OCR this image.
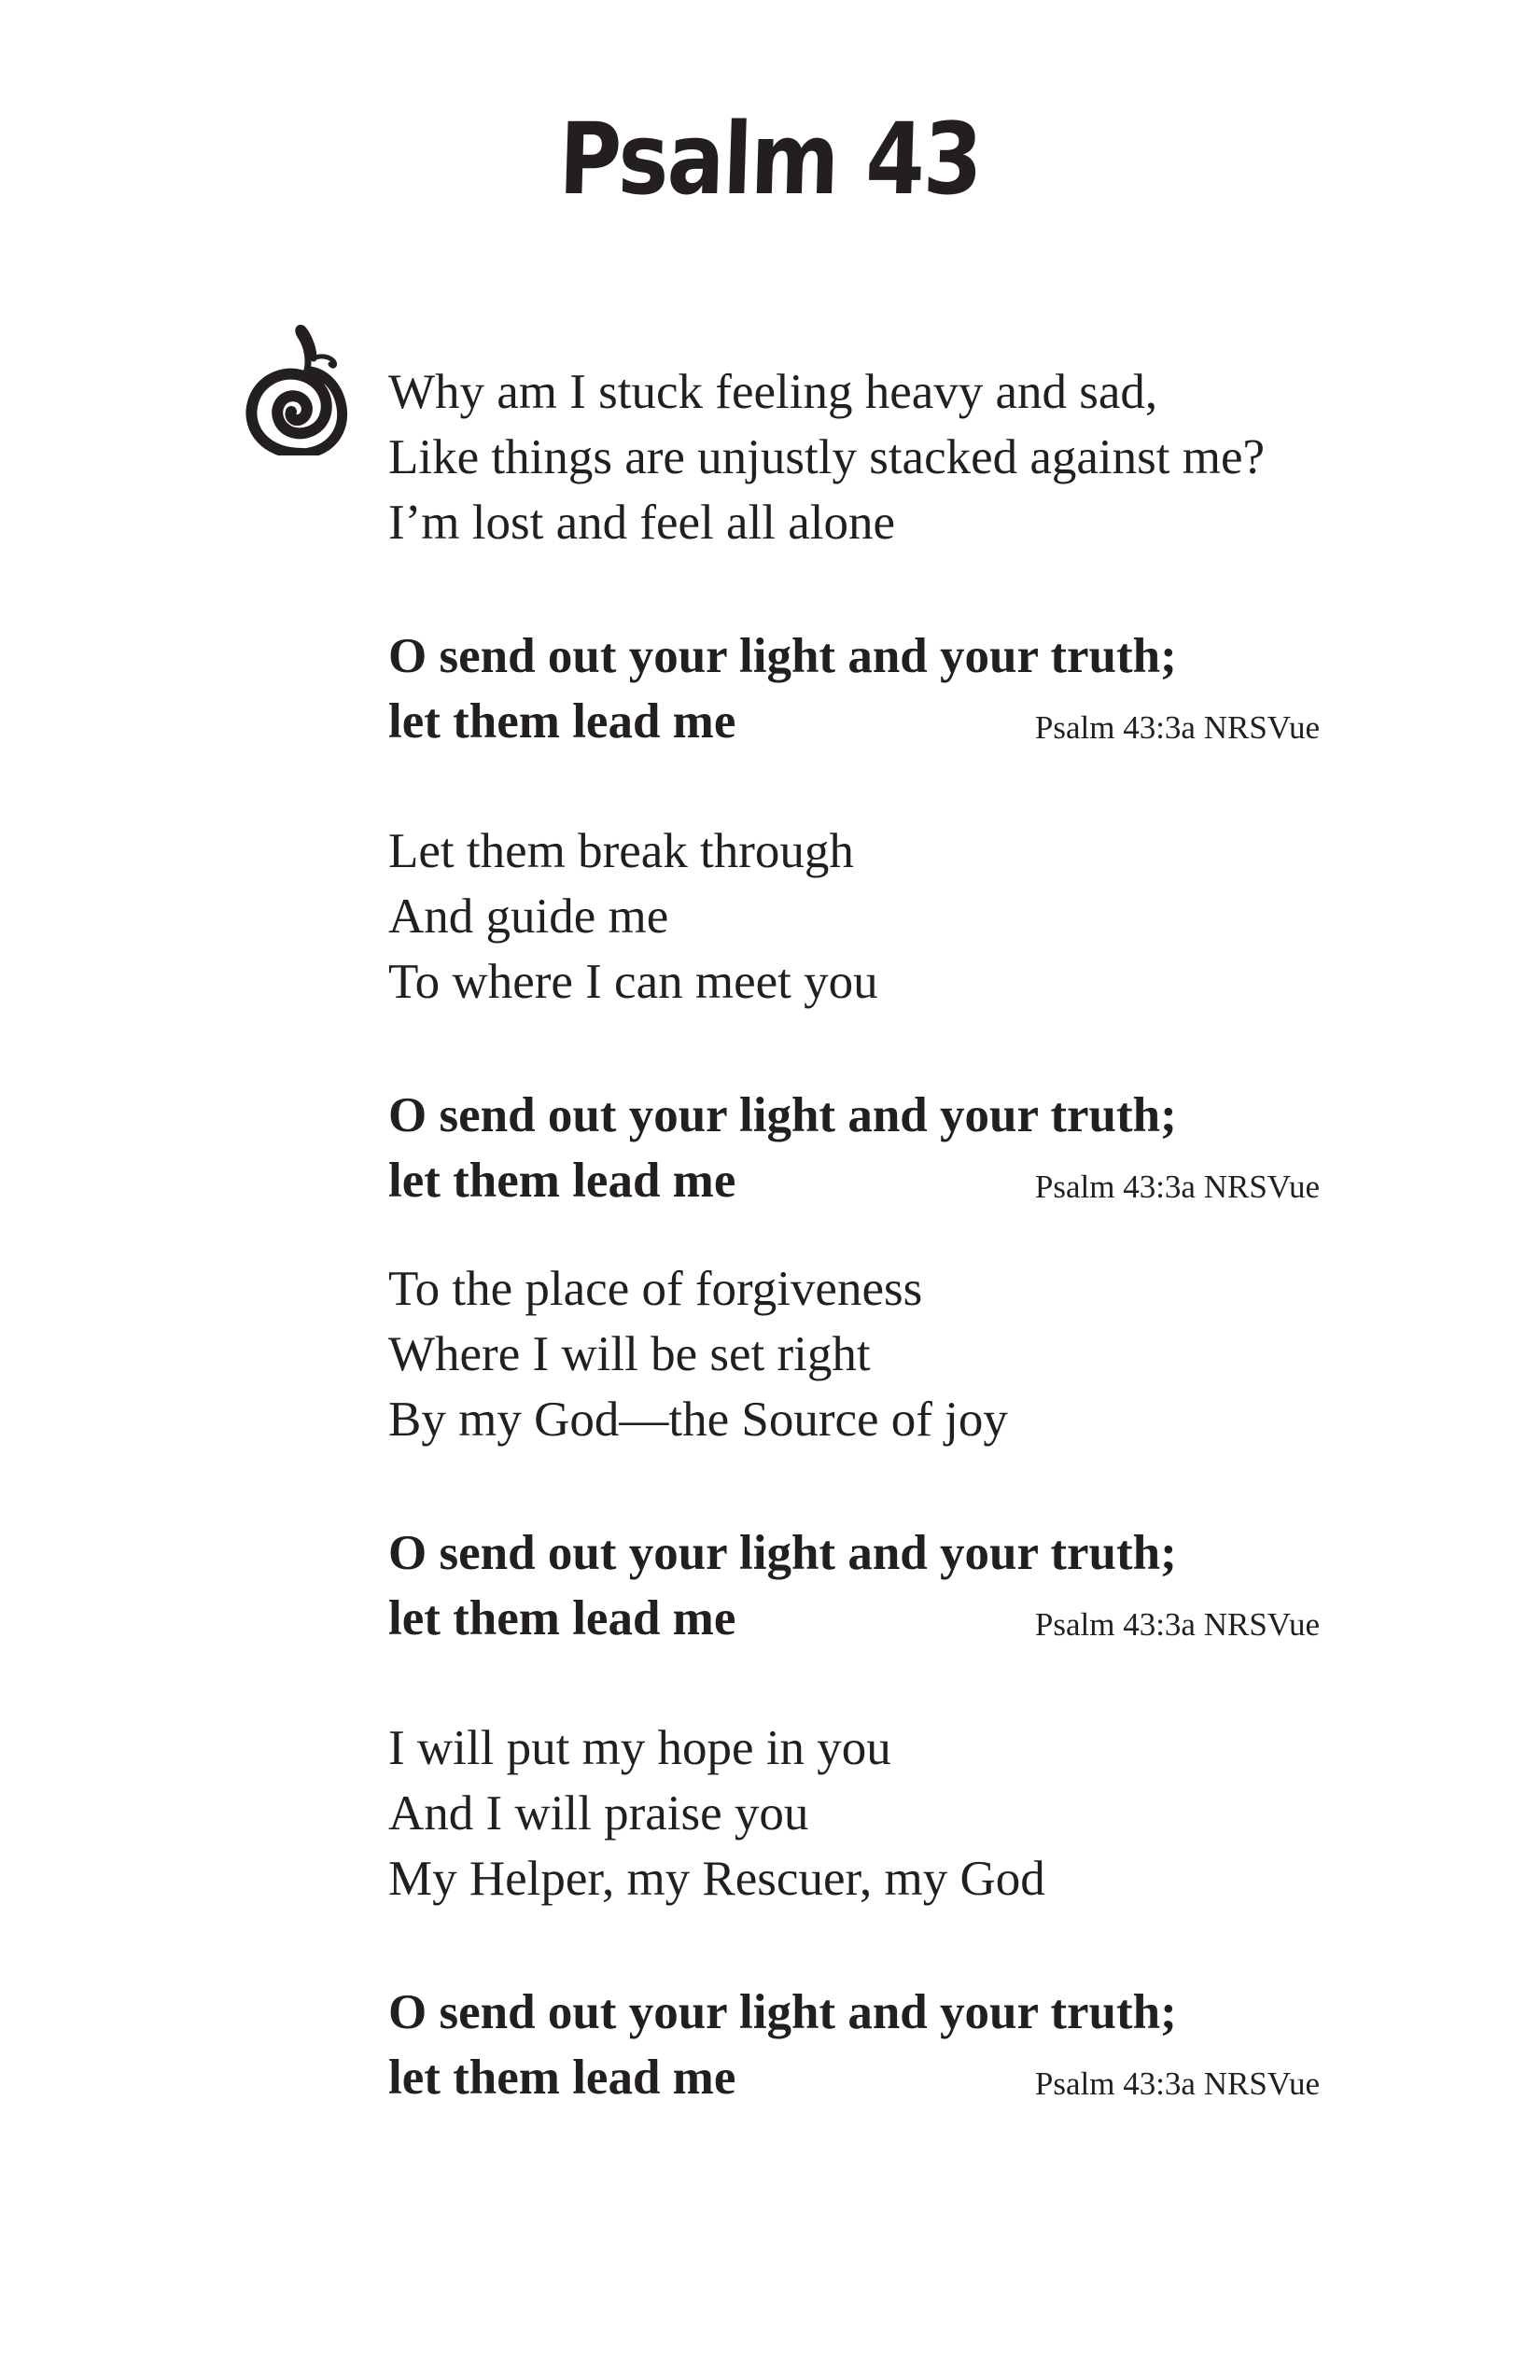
Psalm 43
Why am I stuck feeling heavy and sad,
Like things are unjustly stacked against me?
I’m lost and feel all alone
O send out your light and your truth;
let them lead me	Psalm 43:3a NRSVue
Let them break through
And guide me
To where I can meet you
O send out your light and your truth;
let them lead me	Psalm 43:3a NRSVue
To the place of forgiveness
Where I will be set right
By my God—the Source of joy
O send out your light and your truth;
let them lead me	Psalm 43:3a NRSVue
I will put my hope in you
And I will praise you
My Helper, my Rescuer, my God
O send out your light and your truth;
let them lead me	Psalm 43:3a NRSVue
